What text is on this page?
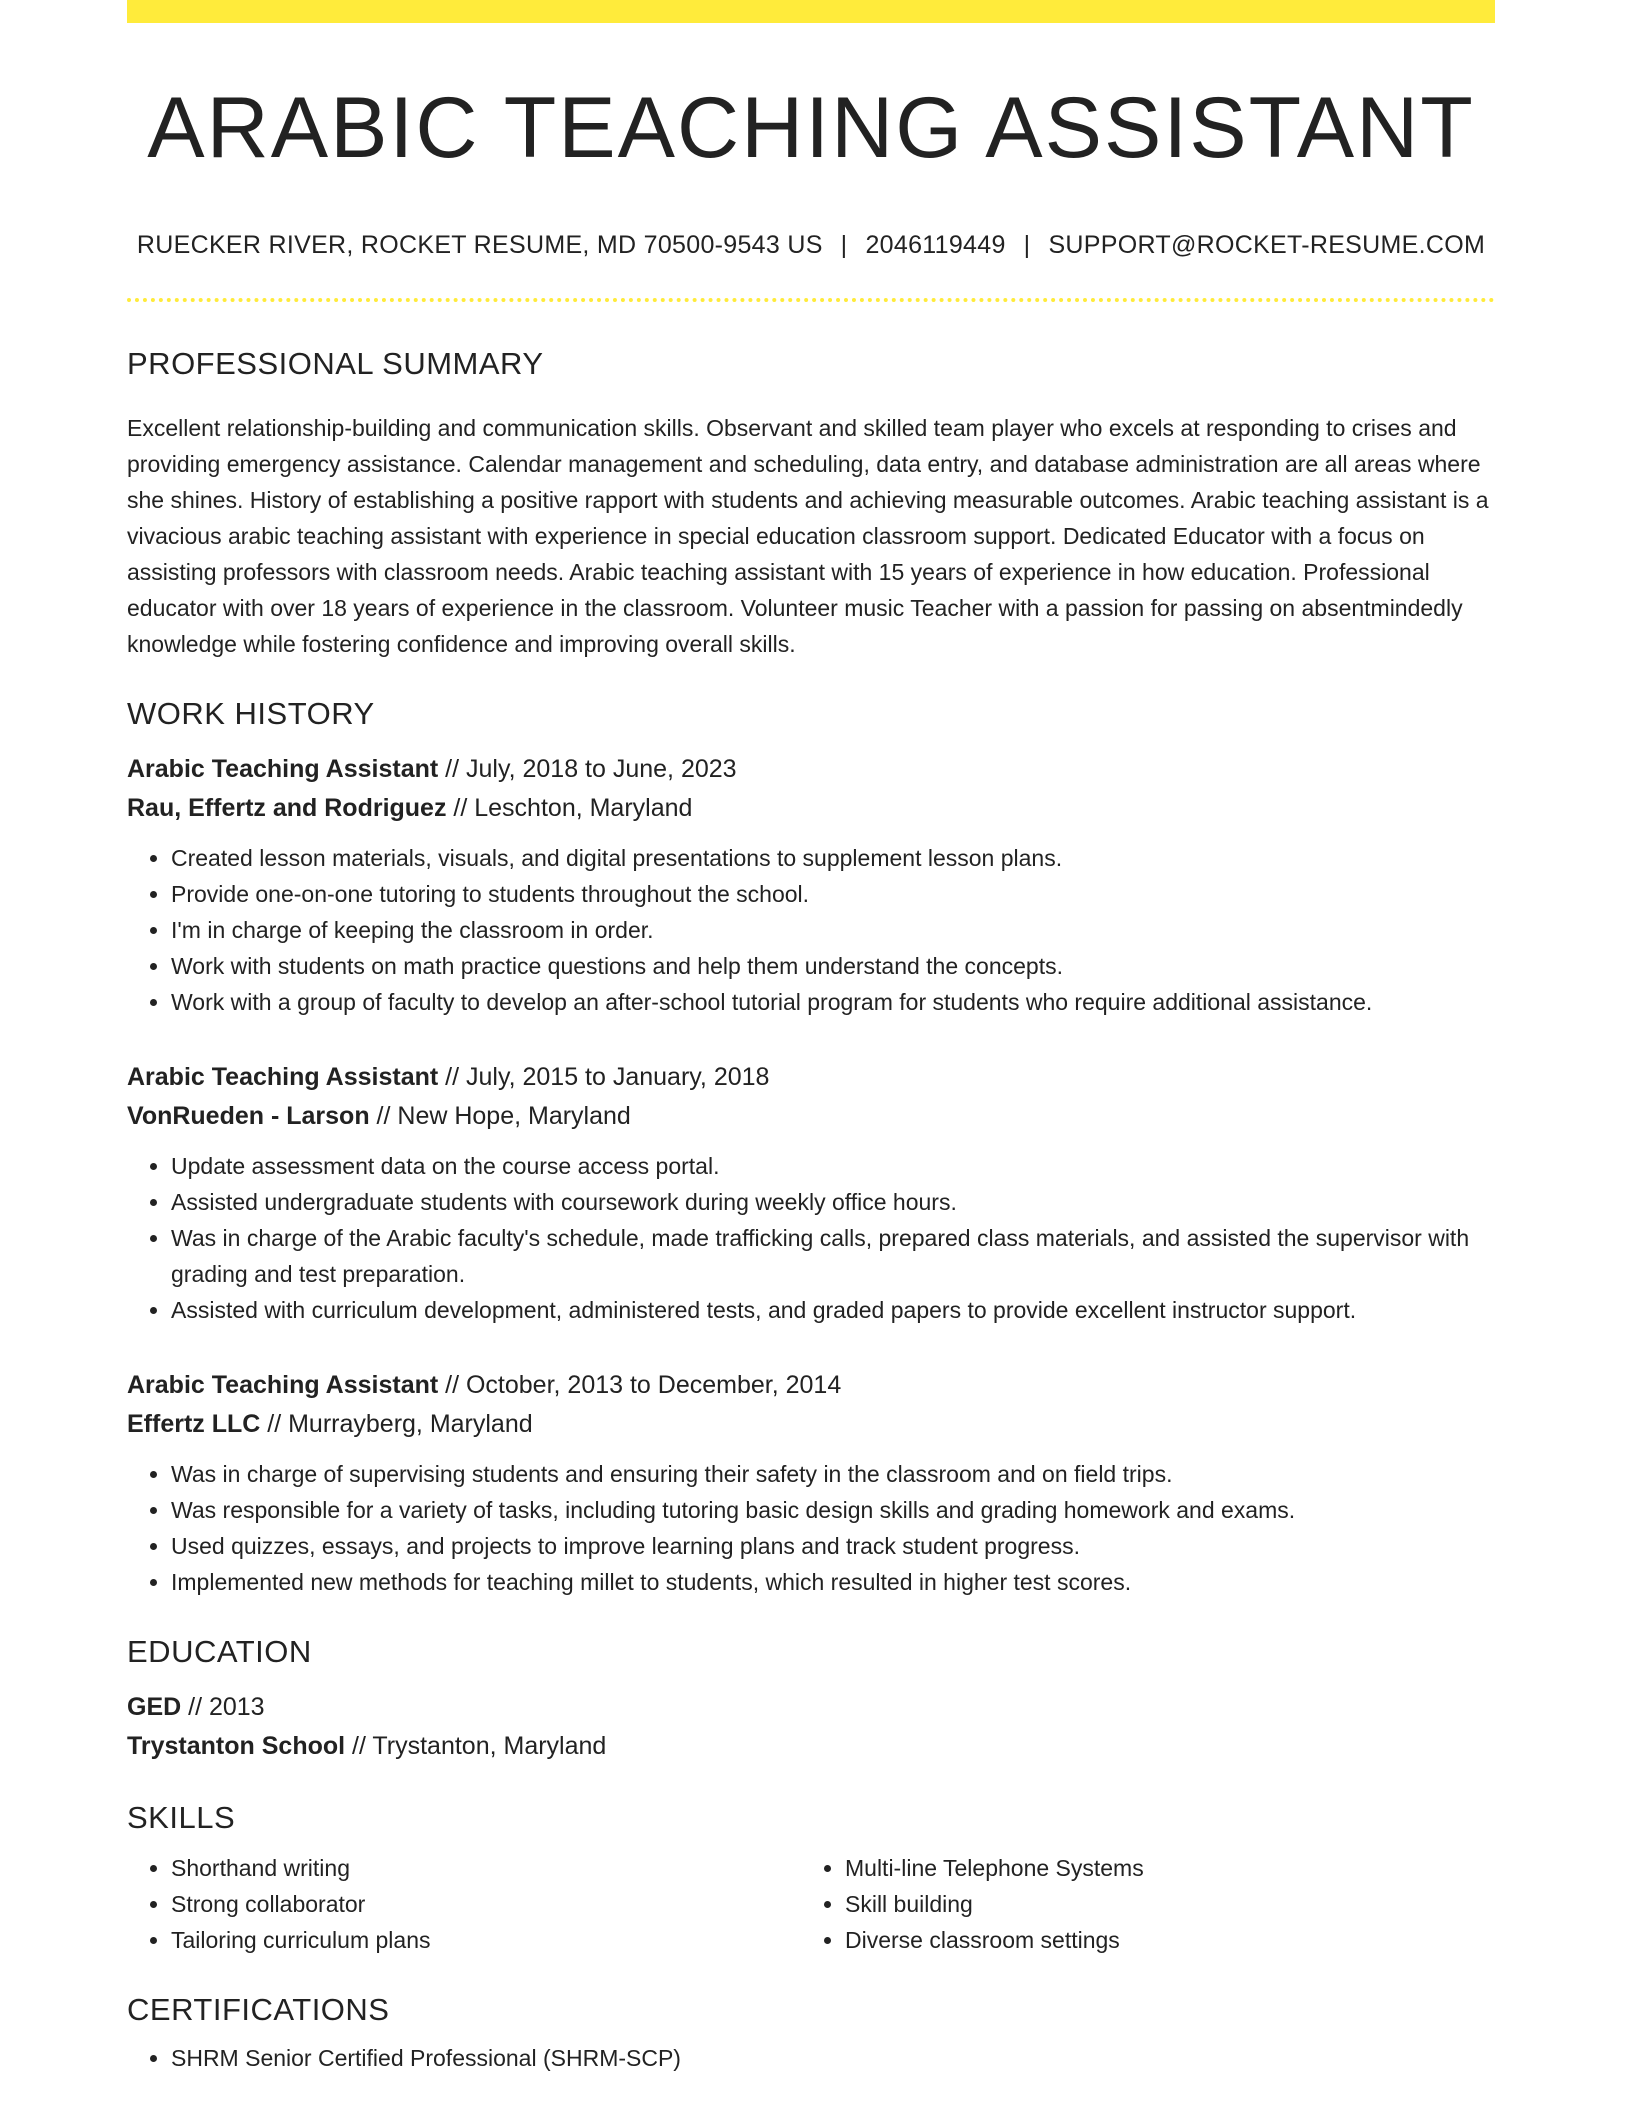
ARABIC TEACHING ASSISTANT
RUECKER RIVER, ROCKET RESUME, MD 70500-9543 US | 2046119449 | SUPPORT@ROCKET-RESUME.COM
PROFESSIONAL SUMMARY

Excellent relationship-building and communication skills. Observant and skilled team player who excels at responding to crises and providing emergency assistance. Calendar management and scheduling, data entry, and database administration are all areas where she shines. History of establishing a positive rapport with students and achieving measurable outcomes. Arabic teaching assistant is a vivacious arabic teaching assistant with experience in special education classroom support. Dedicated Educator with a focus on assisting professors with classroom needs. Arabic teaching assistant with 15 years of experience in how education. Professional educator with over 18 years of experience in the classroom. Volunteer music Teacher with a passion for passing on absentmindedly knowledge while fostering confidence and improving overall skills.

WORK HISTORY
Arabic Teaching Assistant // July, 2018 to June, 2023
Rau, Effertz and Rodriguez // Leschton, Maryland
• Created lesson materials, visuals, and digital presentations to supplement lesson plans.
• Provide one-on-one tutoring to students throughout the school.
• I'm in charge of keeping the classroom in order.
• Work with students on math practice questions and help them understand the concepts.
• Work with a group of faculty to develop an after-school tutorial program for students who require additional assistance.
Arabic Teaching Assistant // July, 2015 to January, 2018
VonRueden - Larson // New Hope, Maryland
• Update assessment data on the course access portal.
• Assisted undergraduate students with coursework during weekly office hours.
• Was in charge of the Arabic faculty's schedule, made trafficking calls, prepared class materials, and assisted the supervisor with grading and test preparation.
• Assisted with curriculum development, administered tests, and graded papers to provide excellent instructor support.
Arabic Teaching Assistant // October, 2013 to December, 2014
Effertz LLC // Murrayberg, Maryland
• Was in charge of supervising students and ensuring their safety in the classroom and on field trips.
• Was responsible for a variety of tasks, including tutoring basic design skills and grading homework and exams.
• Used quizzes, essays, and projects to improve learning plans and track student progress.
• Implemented new methods for teaching millet to students, which resulted in higher test scores.
EDUCATION
GED // 2013
Trystanton School // Trystanton, Maryland
SKILLS
• Shorthand writing
• Strong collaborator
• Tailoring curriculum plans
• Multi-line Telephone Systems
• Skill building
• Diverse classroom settings
CERTIFICATIONS
• SHRM Senior Certified Professional (SHRM-SCP)
